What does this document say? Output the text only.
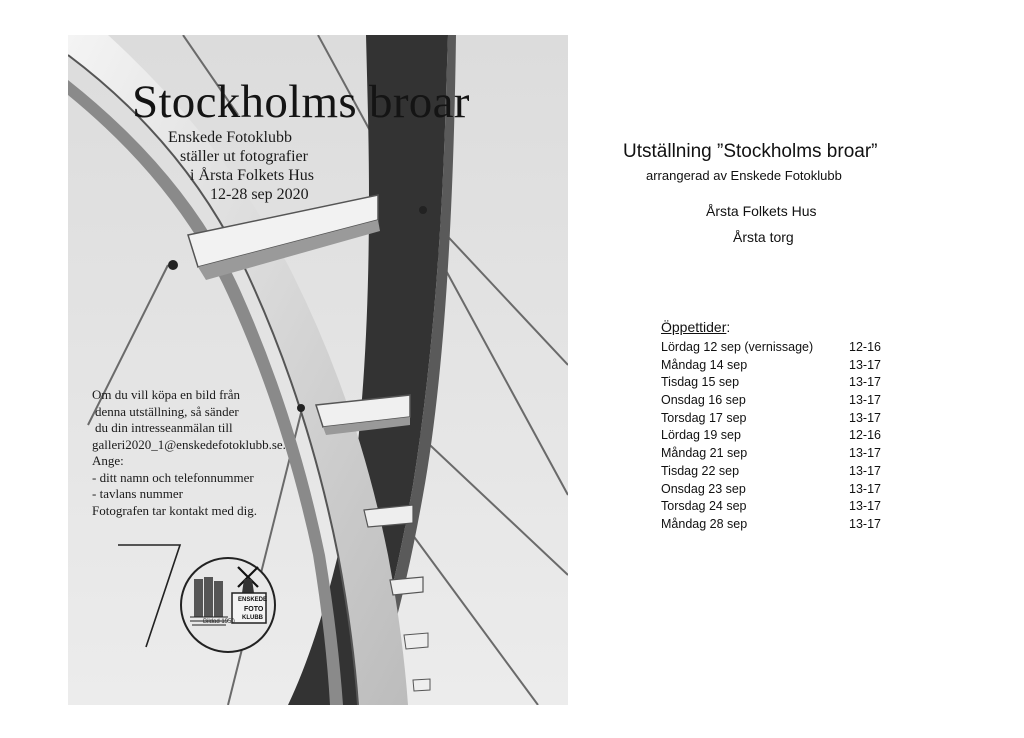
Stockholms broar
Enskede Fotoklubb
ställer ut fotografier
i Årsta Folkets Hus
12-28 sep 2020
Om du vill köpa en bild från
denna utställning, så sänder
du din intresseanmälan till
galleri2020_1@enskedefotoklubb.se.
Ange:
- ditt namn och telefonnummer
- tavlans nummer
Fotografen tar kontakt med dig.
ENSKEDE
FOTO
KLUBB
Bildad 1950
Utställning ”Stockholms broar”
arrangerad av Enskede Fotoklubb
Årsta Folkets Hus
Årsta torg
Öppettider:
Lördag 12 sep (vernissage)	12-16
Måndag 14 sep	13-17
Tisdag 15 sep	13-17
Onsdag 16 sep	13-17
Torsdag 17 sep	13-17
Lördag 19 sep	12-16
Måndag 21 sep	13-17
Tisdag 22 sep	13-17
Onsdag 23 sep	13-17
Torsdag 24 sep	13-17
Måndag 28 sep	13-17
